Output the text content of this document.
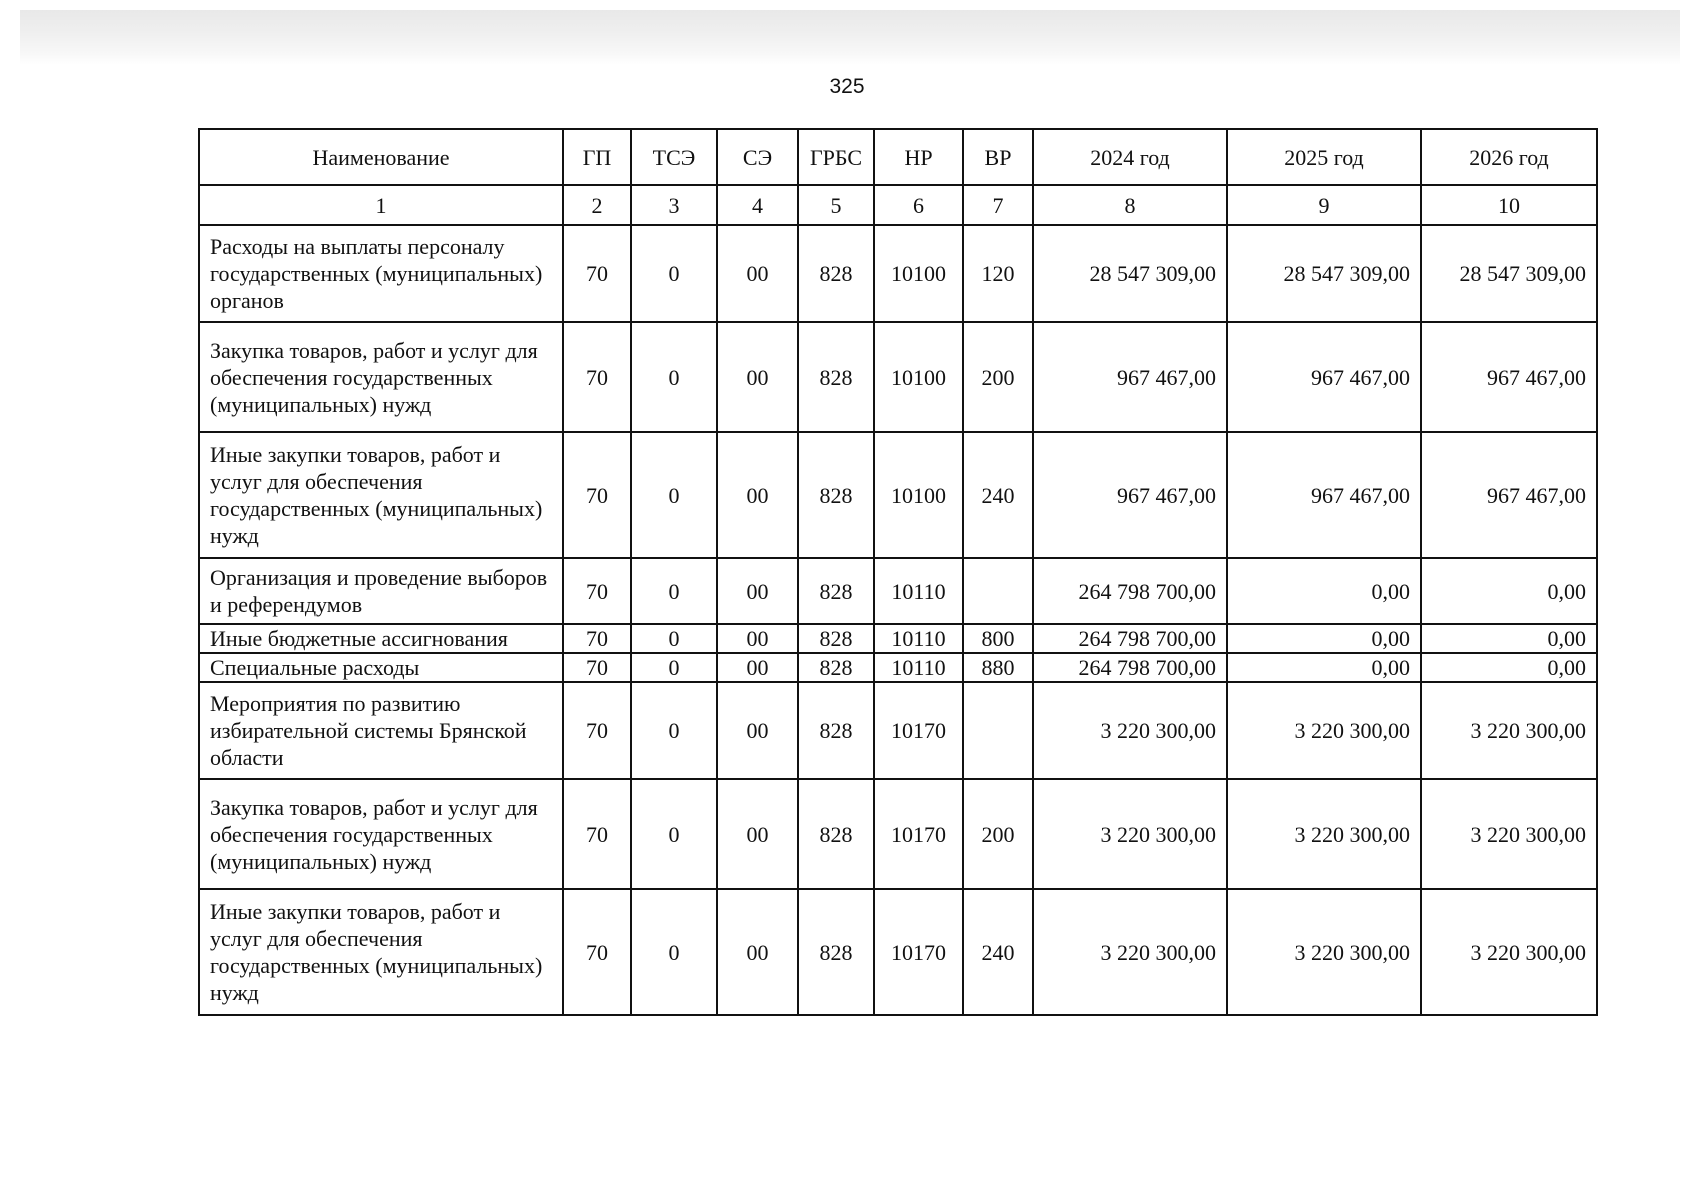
325
Наименование	ГП	ТСЭ	СЭ	ГРБС	НР	ВР	2024 год	2025 год	2026 год
1	2	3	4	5	6	7	8	9	10
Расходы на выплаты персоналу государственных (муниципальных) органов	70	0	00	828	10100	120	28 547 309,00	28 547 309,00	28 547 309,00
Закупка товаров, работ и услуг для обеспечения государственных (муниципальных) нужд	70	0	00	828	10100	200	967 467,00	967 467,00	967 467,00
Иные закупки товаров, работ и услуг для обеспечения государственных (муниципальных) нужд	70	0	00	828	10100	240	967 467,00	967 467,00	967 467,00
Организация и проведение выборов и референдумов	70	0	00	828	10110		264 798 700,00	0,00	0,00
Иные бюджетные ассигнования	70	0	00	828	10110	800	264 798 700,00	0,00	0,00
Специальные расходы	70	0	00	828	10110	880	264 798 700,00	0,00	0,00
Мероприятия по развитию избирательной системы Брянской области	70	0	00	828	10170		3 220 300,00	3 220 300,00	3 220 300,00
Закупка товаров, работ и услуг для обеспечения государственных (муниципальных) нужд	70	0	00	828	10170	200	3 220 300,00	3 220 300,00	3 220 300,00
Иные закупки товаров, работ и услуг для обеспечения государственных (муниципальных) нужд	70	0	00	828	10170	240	3 220 300,00	3 220 300,00	3 220 300,00
